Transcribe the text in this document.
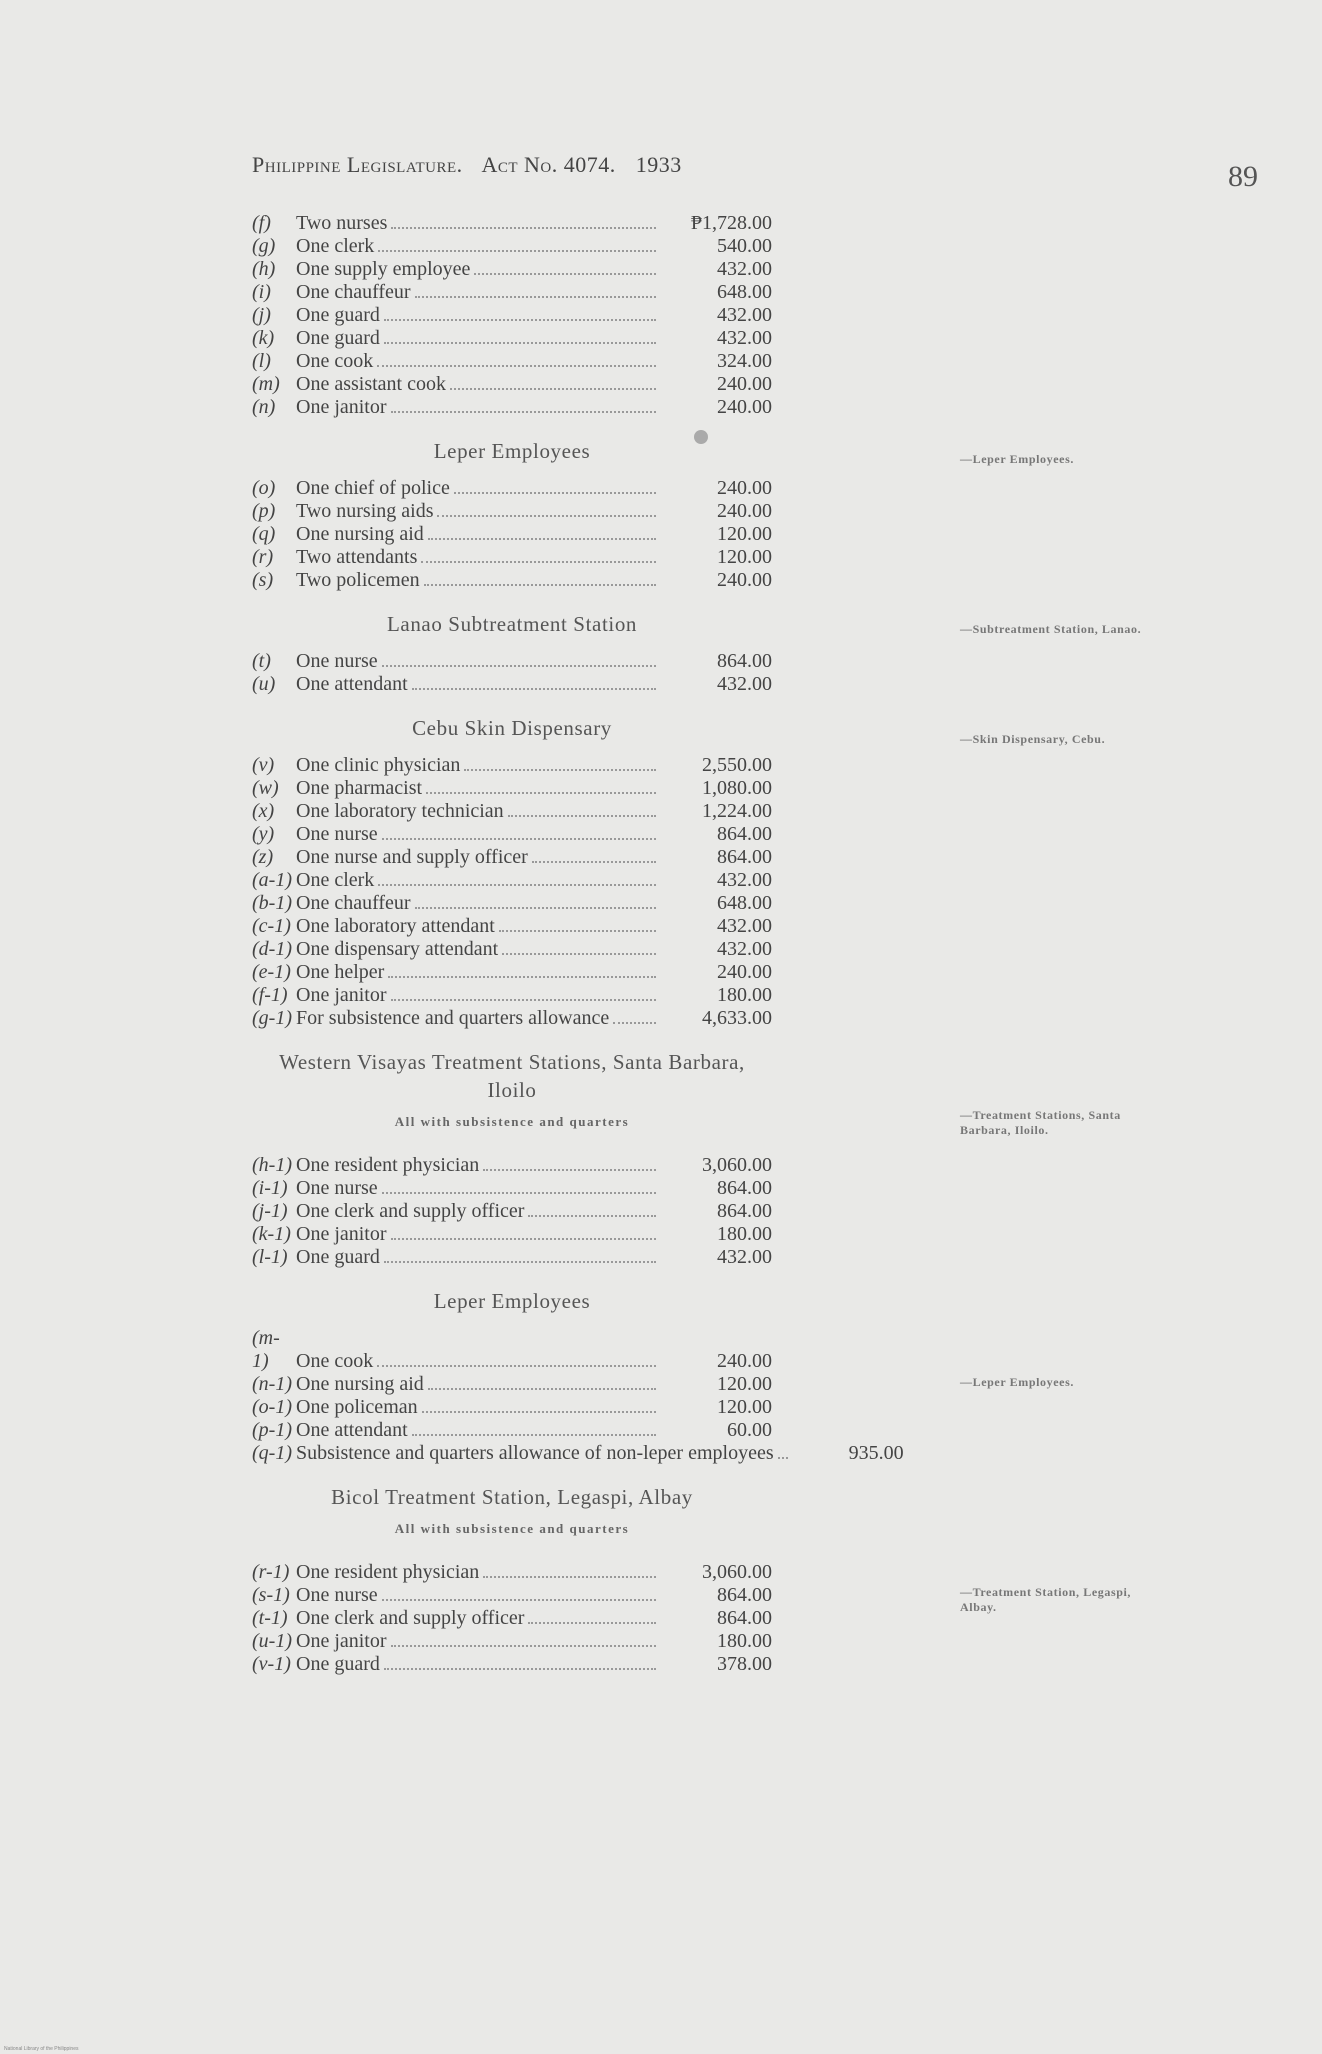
Philippine Legislature. Act No. 4074. 1933	89
(f)	Two nurses	₱1,728.00
(g)	One clerk	540.00
(h)	One supply employee	432.00
(i)	One chauffeur	648.00
(j)	One guard	432.00
(k)	One guard	432.00
(l)	One cook	324.00
(m) One assistant cook	240.00
(n)	One janitor	240.00
Leper Employees
(o)	One chief of police	240.00
(p)	Two nursing aids	240.00
(q)	One nursing aid	120.00
(r)	Two attendants	120.00
(s)	Two policemen	240.00
Lanao Subtreatment Station
(t)	One nurse	864.00
(u)	One attendant	432.00
Cebu Skin Dispensary
(v)	One clinic physician	2,550.00
(w) One pharmacist	1,080.00
(x)	One laboratory technician	1,224.00
(y)	One nurse	864.00
(z)	One nurse and supply officer	864.00
(a-1) One clerk	432.00
(b-1) One chauffeur	648.00
(c-1) One laboratory attendant	432.00
(d-1) One dispensary attendant	432.00
(e-1) One helper	240.00
(f-1) One janitor	180.00
(g-1) For subsistence and quarters allowance	4,633.00
Western Visayas Treatment Stations, Santa Barbara, Iloilo
All with subsistence and quarters
(h-1) One resident physician	3,060.00
(i-1) One nurse	864.00
(j-1) One clerk and supply officer	864.00
(k-1) One janitor	180.00
(l-1) One guard	432.00
Leper Employees
(m-1)	One cook	240.00
(n-1) One nursing aid	120.00
(o-1) One policeman	120.00
(p-1) One attendant	60.00
(q-1) Subsistence and quarters allowance of non-leper employees	935.00
Bicol Treatment Station, Legaspi, Albay
All with subsistence and quarters
(r-1) One resident physician	3,060.00
(s-1) One nurse	864.00
(t-1) One clerk and supply officer	864.00
(u-1) One janitor	180.00
(v-1) One guard	378.00
—Leper Employees.
—Subtreatment Station, Lanao.
—Skin Dispensary, Cebu.
—Treatment Stations, Santa Barbara, Iloilo.
—Leper Employees.
—Treatment Station, Legaspi, Albay.
National Library of the Philippines
